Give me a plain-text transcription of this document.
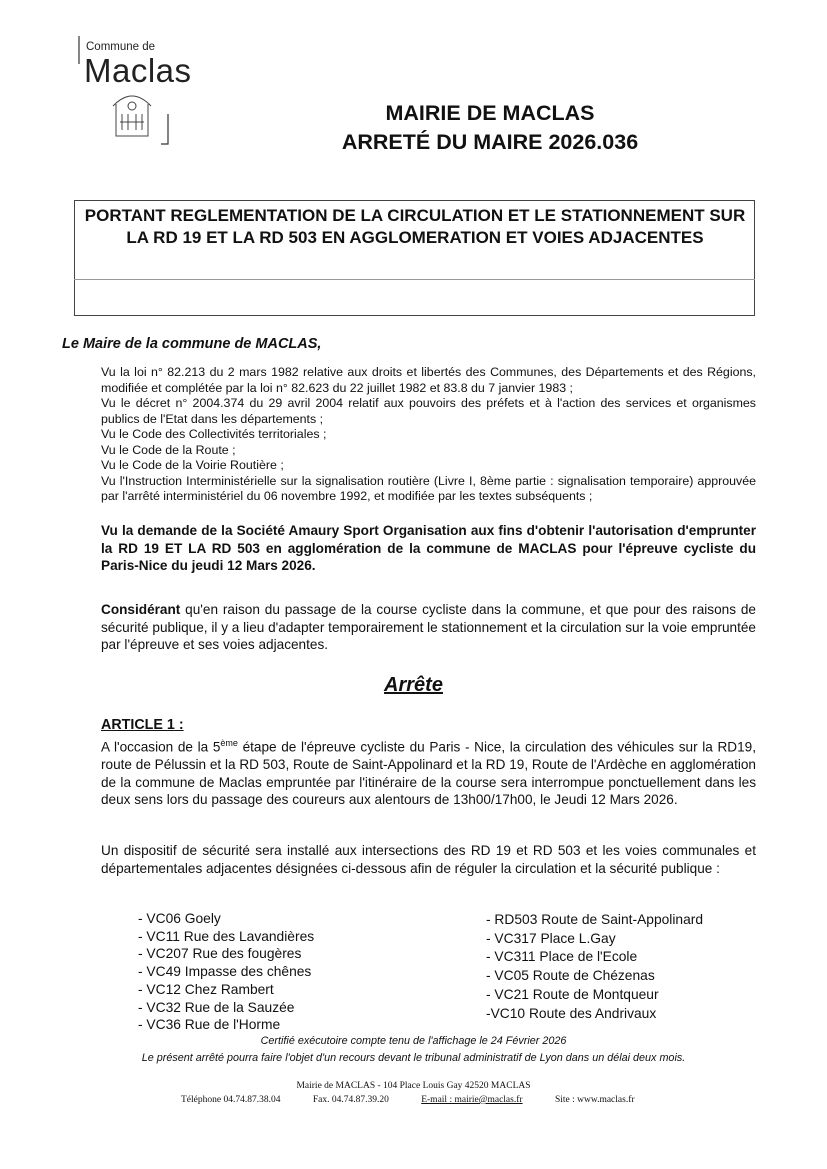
Commune de
Maclas
MAIRIE DE MACLAS
ARRETÉ DU MAIRE 2026.036
PORTANT REGLEMENTATION DE LA CIRCULATION ET LE STATIONNEMENT SUR LA RD 19 ET LA RD 503 EN AGGLOMERATION ET VOIES ADJACENTES
Le Maire de la commune de MACLAS,

Vu la loi n° 82.213 du 2 mars 1982 relative aux droits et libertés des Communes, des Départements et des Régions, modifiée et complétée par la loi n° 82.623 du 22 juillet 1982 et 83.8 du 7 janvier 1983 ;

Vu le décret n° 2004.374 du 29 avril 2004 relatif aux pouvoirs des préfets et à l'action des services et organismes publics de l'Etat dans les départements ;

Vu le Code des Collectivités territoriales ;

Vu le Code de la Route ;

Vu le Code de la Voirie Routière ;

Vu l'Instruction Interministérielle sur la signalisation routière (Livre I, 8ème partie : signalisation temporaire) approuvée par l'arrêté interministériel du 06 novembre 1992, et modifiée par les textes subséquents ;

Vu la demande de la Société Amaury Sport Organisation aux fins d'obtenir l'autorisation d'emprunter la RD 19 ET LA RD 503 en agglomération de la commune de MACLAS pour l'épreuve cycliste du Paris-Nice du jeudi 12 Mars 2026.
Considérant qu'en raison du passage de la course cycliste dans la commune, et que pour des raisons de sécurité publique, il y a lieu d'adapter temporairement le stationnement et la circulation sur la voie empruntée par l'épreuve et ses voies adjacentes.
Arrête
ARTICLE 1 :
A l'occasion de la 5ème étape de l'épreuve cycliste du Paris - Nice, la circulation des véhicules sur la RD19, route de Pélussin et la RD 503, Route de Saint-Appolinard et la RD 19, Route de l'Ardèche en agglomération de la commune de Maclas empruntée par l'itinéraire de la course sera interrompue ponctuellement dans les deux sens lors du passage des coureurs aux alentours de 13h00/17h00, le Jeudi 12 Mars 2026.
Un dispositif de sécurité sera installé aux intersections des RD 19 et RD 503 et les voies communales et départementales adjacentes désignées ci-dessous afin de réguler la circulation et la sécurité publique :
- VC06 Goely
- VC11 Rue des Lavandières
- VC207 Rue des fougères
- VC49 Impasse des chênes
- VC12 Chez Rambert
- VC32 Rue de la Sauzée
- VC36 Rue de l'Horme
- RD503 Route de Saint-Appolinard
- VC317 Place L.Gay
- VC311 Place de l'Ecole
- VC05 Route de Chézenas
- VC21 Route de Montqueur
-VC10 Route des Andrivaux
Certifié exécutoire compte tenu de l'affichage le 24 Février 2026
Le présent arrêté pourra faire l'objet d'un recours devant le tribunal administratif de Lyon dans un délai deux mois.
Mairie de MACLAS - 104 Place Louis Gay 42520 MACLAS
Téléphone 04.74.87.38.04	Fax. 04.74.87.39.20	E-mail : mairie@maclas.fr	Site : www.maclas.fr
